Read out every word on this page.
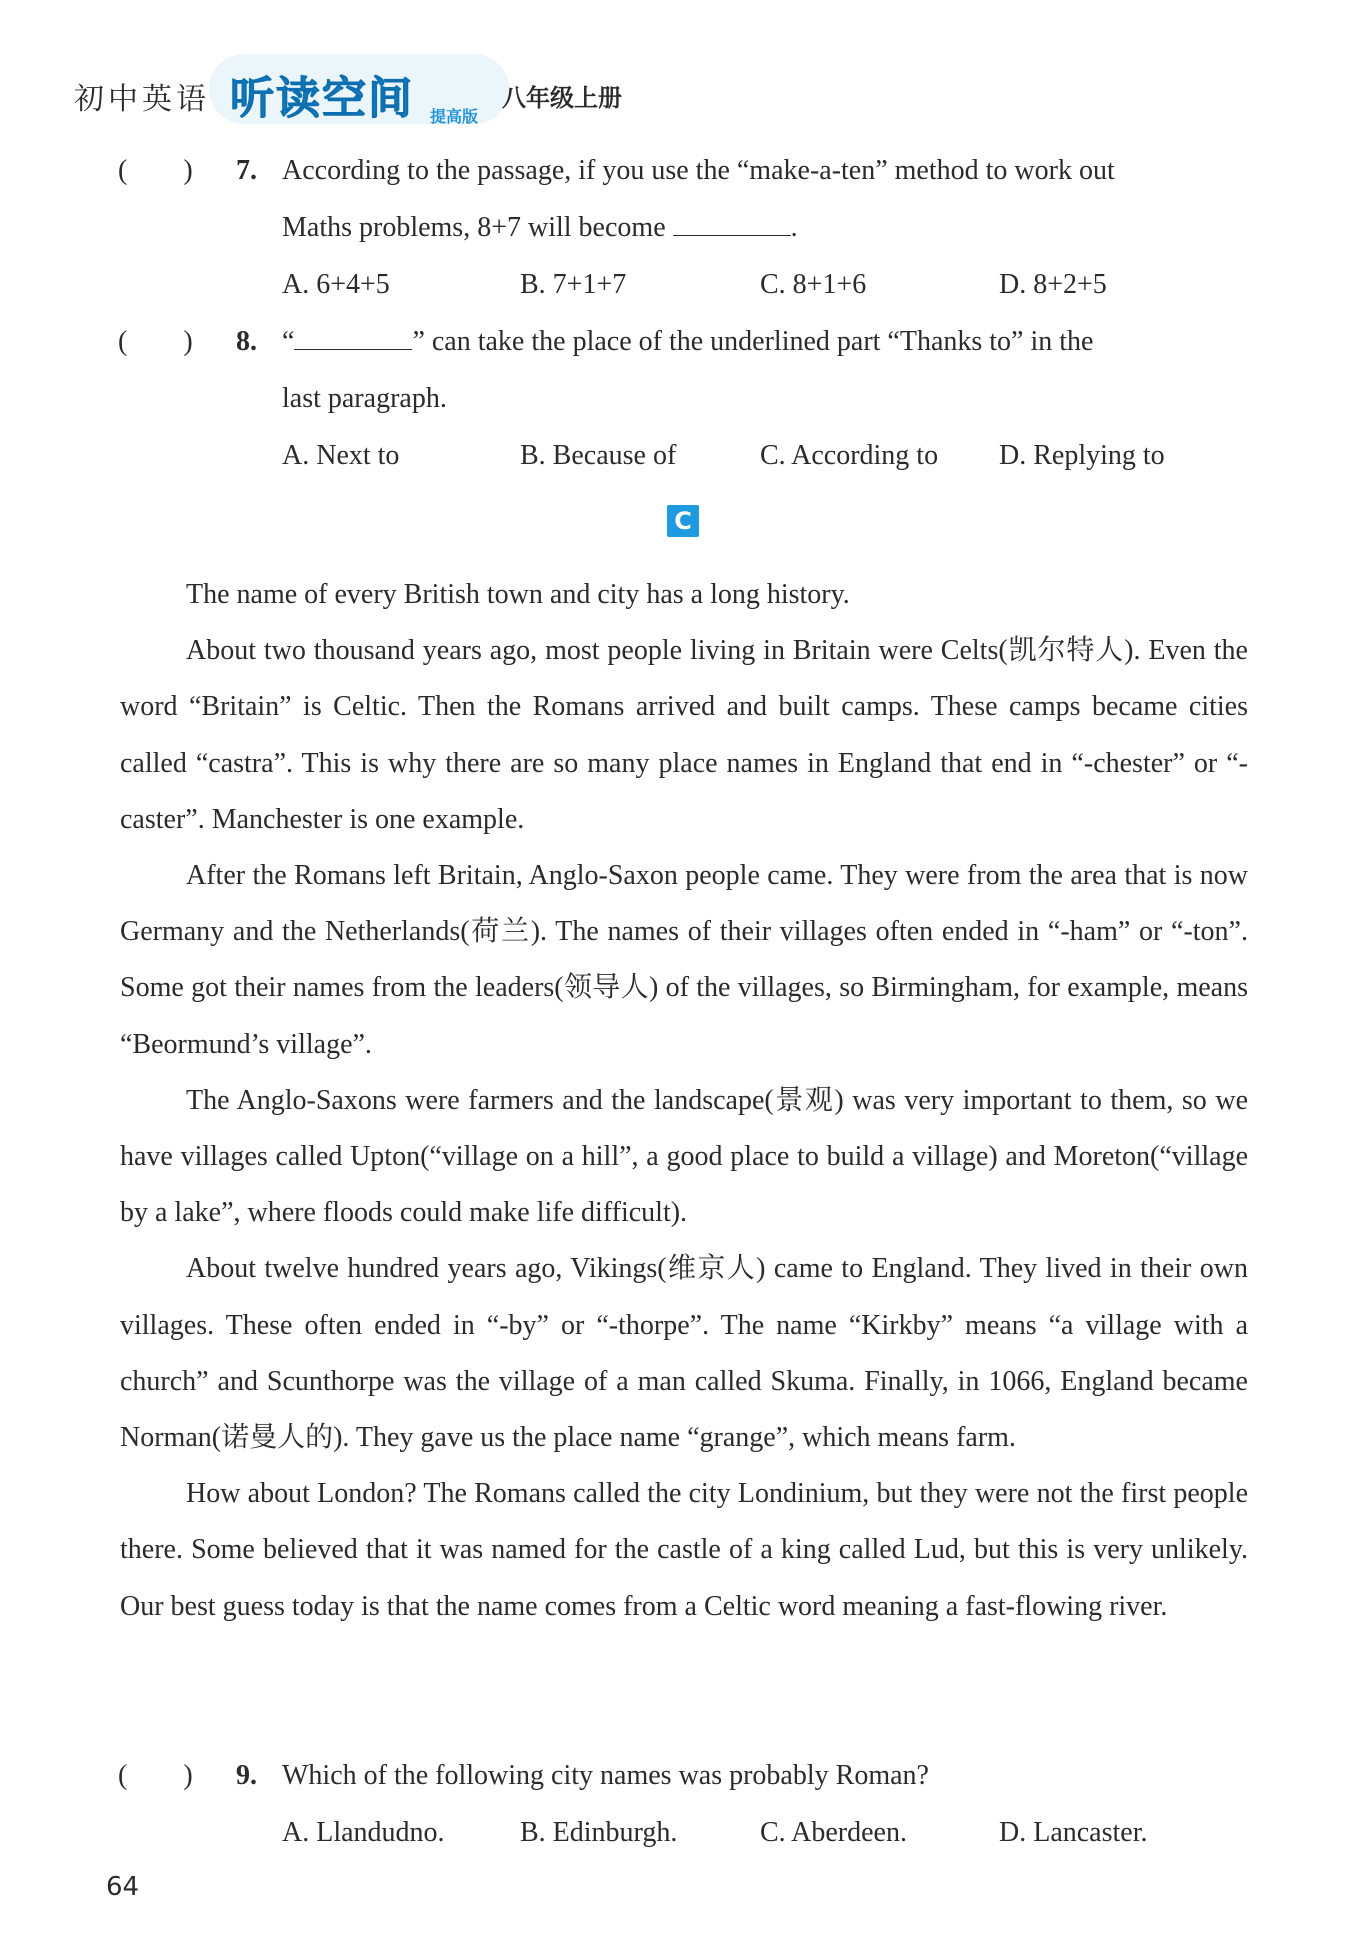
初中英语 听读空间 提高版
八年级上册
(　　) 7. According to the passage, if you use the “make-a-ten” method to work out
Maths problems, 8+7 will become	.
A. 6+4+5	B. 7+1+7	C. 8+1+6	D. 8+2+5
(　　) 8. “	” can take the place of the underlined part “Thanks to” in the
last paragraph.
A. Next to	B. Because of	C. According to D. Replying to
C

The name of every British town and city has a long history.

About two thousand years ago, most people living in Britain were Celts(凯尔特人). Even the word “Britain” is Celtic. Then the Romans arrived and built camps. These camps became cities called “castra”. This is why there are so many place names in England that end in “-chester” or “-caster”. Manchester is one example.

After the Romans left Britain, Anglo-Saxon people came. They were from the area that is now Germany and the Netherlands(荷兰). The names of their villages often ended in “-ham” or “-ton”. Some got their names from the leaders(领导人) of the villages, so Birmingham, for example, means “Beormund’s village”.

The Anglo-Saxons were farmers and the landscape(景观) was very important to them, so we have villages called Upton(“village on a hill”, a good place to build a village) and Moreton(“village by a lake”, where floods could make life difficult).

About twelve hundred years ago, Vikings(维京人) came to England. They lived in their own villages. These often ended in “-by” or “-thorpe”. The name “Kirkby” means “a village with a church” and Scunthorpe was the village of a man called Skuma. Finally, in 1066, England became Norman(诺曼人的). They gave us the place name “grange”, which means farm.

How about London? The Romans called the city Londinium, but they were not the first people there. Some believed that it was named for the castle of a king called Lud, but this is very unlikely. Our best guess today is that the name comes from a Celtic word meaning a fast-flowing river.

(　　) 9. Which of the following city names was probably Roman?
A. Llandudno.	B. Edinburgh.	C. Aberdeen.	D. Lancaster.
64
